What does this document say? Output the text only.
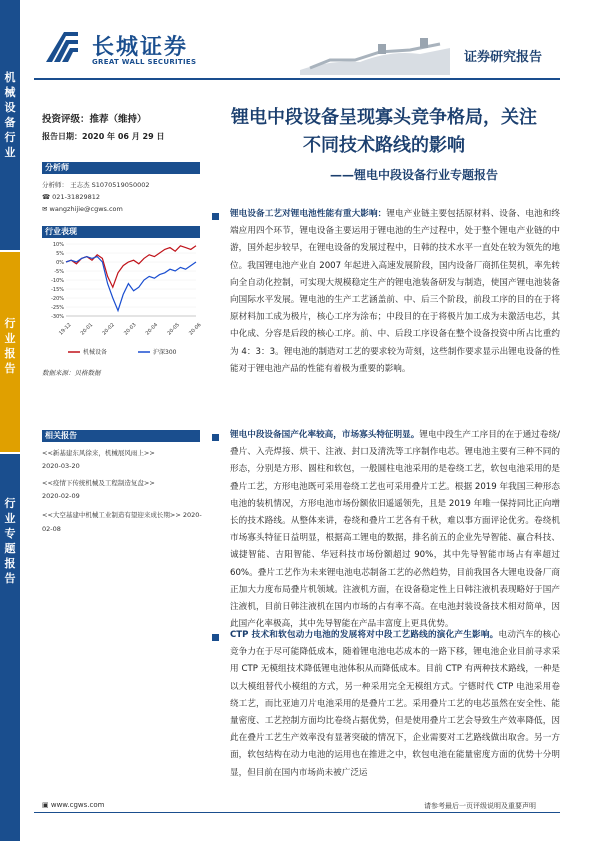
机
械
设
备
行
业
行
业
报
告
行
业
专
题
报
告
长城证券
GREAT WALL SECURITIES	证券研究报告
投资评级：推荐（维持）
报告日期：2020 年 06 月 29 日
分析师
分析师： 王志杰 S1070519050002
☎ 021-31829812
✉ wangzhijie@cgws.com
行业表现
10%
5%
0%
-5%
-10%
-15%
-20%
-25%
-30%
19-12 20-01 20-02 20-03 20-04 20-05 20-06
机械设备	沪深300
数据来源：贝格数据
相关报告
<<新基建东风徐来，机械展风雨上>>
2020-03-20
<<疫情下传统机械及工程制造复盘>>
2020-02-09
<<大空基建中机械工业制造有望迎来成长期>> 2020-02-08
锂电中段设备呈现寡头竞争格局，关注
不同技术路线的影响
——锂电中段设备行业专题报告
锂电设备工艺对锂电池性能有重大影响：锂电产业链主要包括原材料、设备、电池和终端应用四个环节，锂电设备主要运用于锂电池的生产过程中，处于整个锂电产业链的中游，国外起步较早，在锂电设备的发展过程中，日韩的技术水平一直处在较为领先的地位。我国锂电池产业自 2007 年起进入高速发展阶段，国内设备厂商抓住契机，率先转向全自动化控制，可实现大规模稳定生产的锂电池装备研发与制造，使国产锂电池装备向国际水平发展。锂电池的生产工艺涵盖前、中、后三个阶段，前段工序的目的在于将原材料加工成为极片，核心工序为涂布；中段目的在于将极片加工成为未激活电芯，其中化成、分容是后段的核心工序。前、中、后段工序设备在整个设备投资中所占比重约为 4：3：3。锂电池的制造对工艺的要求较为苛刻，这些制作要求显示出锂电设备的性能对于锂电池产品的性能有着极为重要的影响。
锂电中段设备国产化率较高，市场寡头特征明显。锂电中段生产工序目的在于通过卷绕/叠片、入壳焊接、烘干、注液、封口及清洗等工序制作电芯。锂电池主要有三种不同的形态，分别是方形、圆柱和软包，一般圆柱电池采用的是卷绕工艺，软包电池采用的是叠片工艺，方形电池既可采用卷绕工艺也可采用叠片工艺。根据 2019 年我国三种形态电池的装机情况，方形电池市场份额依旧遥遥领先，且是 2019 年唯一保持同比正向增长的技术路线。从整体来讲，卷绕和叠片工艺各有千秋，难以事方面评论优劣。卷绕机市场寡头特征日益明显，根据高工锂电的数据，排名前五的企业先导智能、赢合科技、诚捷智能、吉阳智能、华冠科技市场份额超过 90%，其中先导智能市场占有率超过 60%。叠片工艺作为未来锂电池电芯制备工艺的必然趋势，目前我国各大锂电设备厂商正加大力度布局叠片机领域。注液机方面，在设备稳定性上日韩注液机表现略好于国产注液机，目前日韩注液机在国内市场的占有率不高。在电池封装设备技术相对简单，因此国产化率极高，其中先导智能在产品丰富度上更具优势。
CTP 技术和软包动力电池的发展将对中段工艺路线的演化产生影响。电动汽车的核心竞争力在于尽可能降低成本，随着锂电池电芯成本的一路下移，锂电池企业目前寻求采用 CTP 无模组技术降低锂电池体积从而降低成本。目前 CTP 有两种技术路线，一种是以大模组替代小模组的方式，另一种采用完全无模组方式。宁德时代 CTP 电池采用卷绕工艺，而比亚迪刀片电池采用的是叠片工艺。采用叠片工艺的电芯虽然在安全性、能量密度、工艺控制方面均比卷绕占据优势，但是使用叠片工艺会导致生产效率降低，因此在叠片工艺生产效率没有显著突破的情况下，企业需要对工艺路线做出取舍。另一方面，软包结构在动力电池的运用也在推进之中，软包电池在能量密度方面的优势十分明显，但目前在国内市场尚未被广泛运
▣ www.cgws.com	请参考最后一页评级说明及重要声明
